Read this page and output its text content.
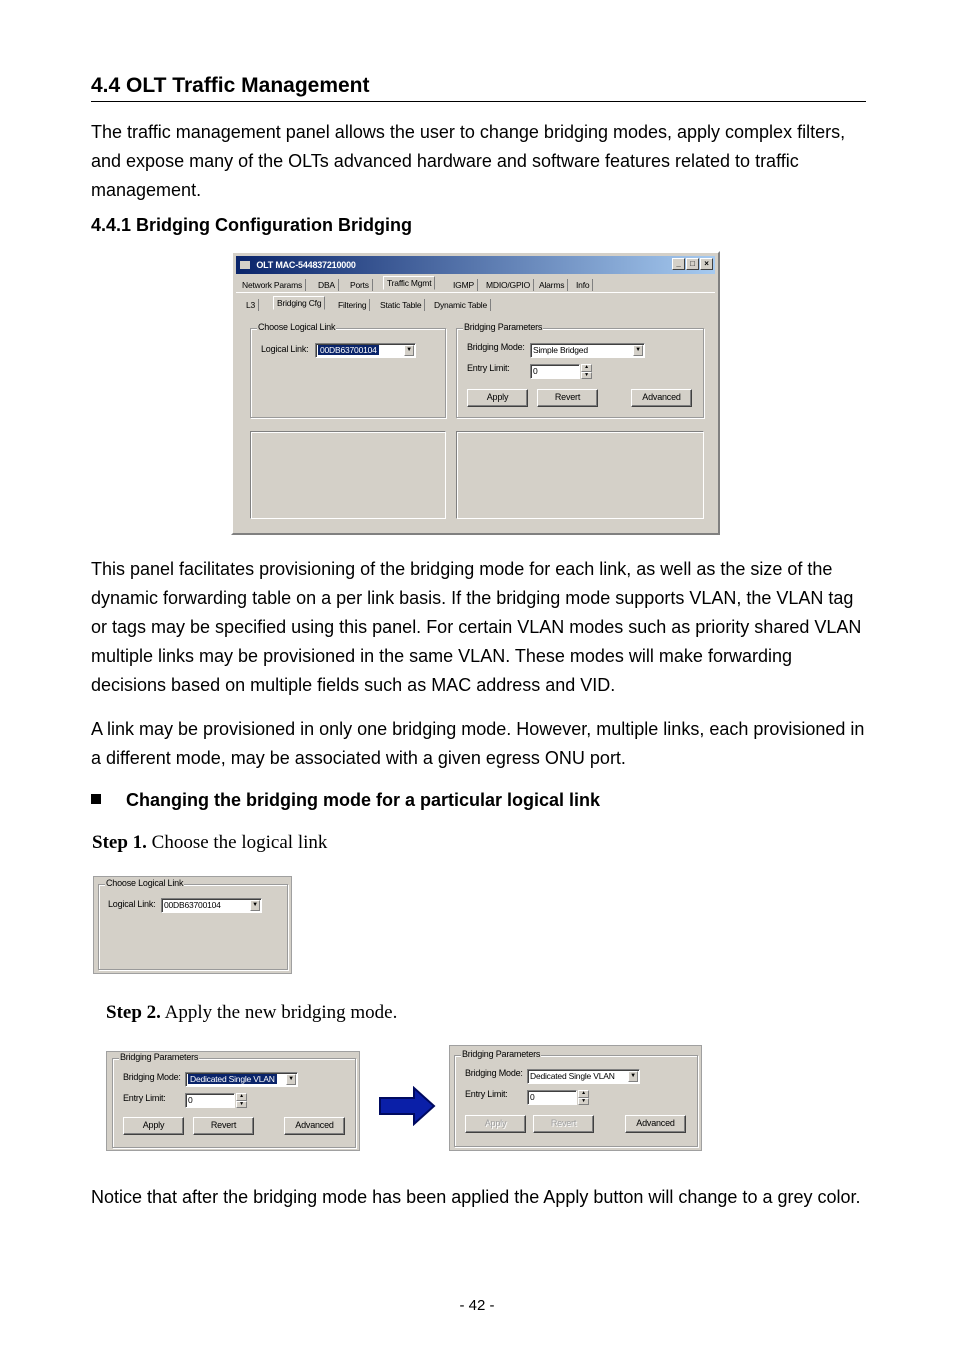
4.4 OLT Traffic Management
The traffic management panel allows the user to change bridging modes, apply complex filters, and expose many of the OLTs advanced hardware and software features related to traffic management.
4.4.1 Bridging Configuration Bridging
OLT MAC-544837210000	_	□	×
Network Params	DBA	Ports	Traffic Mgmt	IGMP	MDIO/GPIO	Alarms	Info
L3	Bridging Cfg	Filtering	Static Table	Dynamic Table
Choose Logical Link
Logical Link:	00DB63700104	▼
Bridging Parameters
Bridging Mode: Simple Bridged	▼
Entry Limit:	0	▲
▼
Apply	Revert	Advanced
This panel facilitates provisioning of the bridging mode for each link, as well as the size of the dynamic forwarding table on a per link basis. If the bridging mode supports VLAN, the VLAN tag or tags may be specified using this panel. For certain VLAN modes such as priority shared VLAN multiple links may be provisioned in the same VLAN. These modes will make forwarding decisions based on multiple fields such as MAC address and VID.
A link may be provisioned in only one bridging mode. However, multiple links, each provisioned in a different mode, may be associated with a given egress ONU port.
Changing the bridging mode for a particular logical link
Step 1. Choose the logical link
Choose Logical Link
Logical Link:	00DB63700104	▼
Step 2. Apply the new bridging mode.
Bridging Parameters
Bridging Mode:	Dedicated Single VLAN	▼
Entry Limit:	0	▲
▼
Apply	Revert	Advanced
Bridging Parameters
Bridging Mode: Dedicated Single VLAN	▼
Entry Limit:	0	▲
▼
Apply	Revert	Advanced
Notice that after the bridging mode has been applied the Apply button will change to a grey color.
- 42 -
